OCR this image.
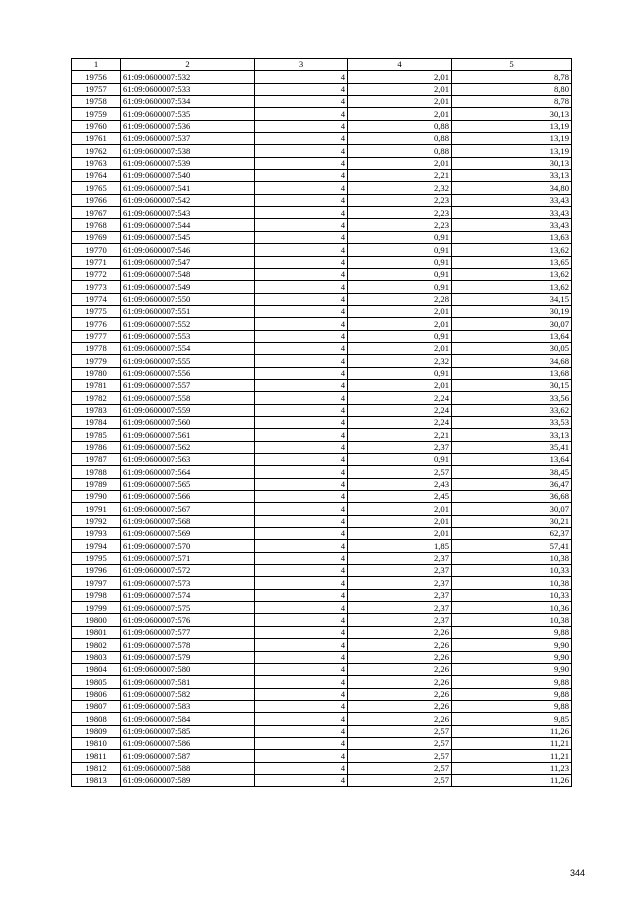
1	2	3	4	5
19756	61:09:0600007:532	4	2,01	8,78
19757	61:09:0600007:533	4	2,01	8,80
19758	61:09:0600007:534	4	2,01	8,78
19759	61:09:0600007:535	4	2,01	30,13
19760	61:09:0600007:536	4	0,88	13,19
19761	61:09:0600007:537	4	0,88	13,19
19762	61:09:0600007:538	4	0,88	13,19
19763	61:09:0600007:539	4	2,01	30,13
19764	61:09:0600007:540	4	2,21	33,13
19765	61:09:0600007:541	4	2,32	34,80
19766	61:09:0600007:542	4	2,23	33,43
19767	61:09:0600007:543	4	2,23	33,43
19768	61:09:0600007:544	4	2,23	33,43
19769	61:09:0600007:545	4	0,91	13,63
19770	61:09:0600007:546	4	0,91	13,62
19771	61:09:0600007:547	4	0,91	13,65
19772	61:09:0600007:548	4	0,91	13,62
19773	61:09:0600007:549	4	0,91	13,62
19774	61:09:0600007:550	4	2,28	34,15
19775	61:09:0600007:551	4	2,01	30,19
19776	61:09:0600007:552	4	2,01	30,07
19777	61:09:0600007:553	4	0,91	13,64
19778	61:09:0600007:554	4	2,01	30,05
19779	61:09:0600007:555	4	2,32	34,68
19780	61:09:0600007:556	4	0,91	13,68
19781	61:09:0600007:557	4	2,01	30,15
19782	61:09:0600007:558	4	2,24	33,56
19783	61:09:0600007:559	4	2,24	33,62
19784	61:09:0600007:560	4	2,24	33,53
19785	61:09:0600007:561	4	2,21	33,13
19786	61:09:0600007:562	4	2,37	35,41
19787	61:09:0600007:563	4	0,91	13,64
19788	61:09:0600007:564	4	2,57	38,45
19789	61:09:0600007:565	4	2,43	36,47
19790	61:09:0600007:566	4	2,45	36,68
19791	61:09:0600007:567	4	2,01	30,07
19792	61:09:0600007:568	4	2,01	30,21
19793	61:09:0600007:569	4	2,01	62,37
19794	61:09:0600007:570	4	1,85	57,41
19795	61:09:0600007:571	4	2,37	10,38
19796	61:09:0600007:572	4	2,37	10,33
19797	61:09:0600007:573	4	2,37	10,38
19798	61:09:0600007:574	4	2,37	10,33
19799	61:09:0600007:575	4	2,37	10,36
19800	61:09:0600007:576	4	2,37	10,38
19801	61:09:0600007:577	4	2,26	9,88
19802	61:09:0600007:578	4	2,26	9,90
19803	61:09:0600007:579	4	2,26	9,90
19804	61:09:0600007:580	4	2,26	9,90
19805	61:09:0600007:581	4	2,26	9,88
19806	61:09:0600007:582	4	2,26	9,88
19807	61:09:0600007:583	4	2,26	9,88
19808	61:09:0600007:584	4	2,26	9,85
19809	61:09:0600007:585	4	2,57	11,26
19810	61:09:0600007:586	4	2,57	11,21
19811	61:09:0600007:587	4	2,57	11,21
19812	61:09:0600007:588	4	2,57	11,23
19813	61:09:0600007:589	4	2,57	11,26
344
